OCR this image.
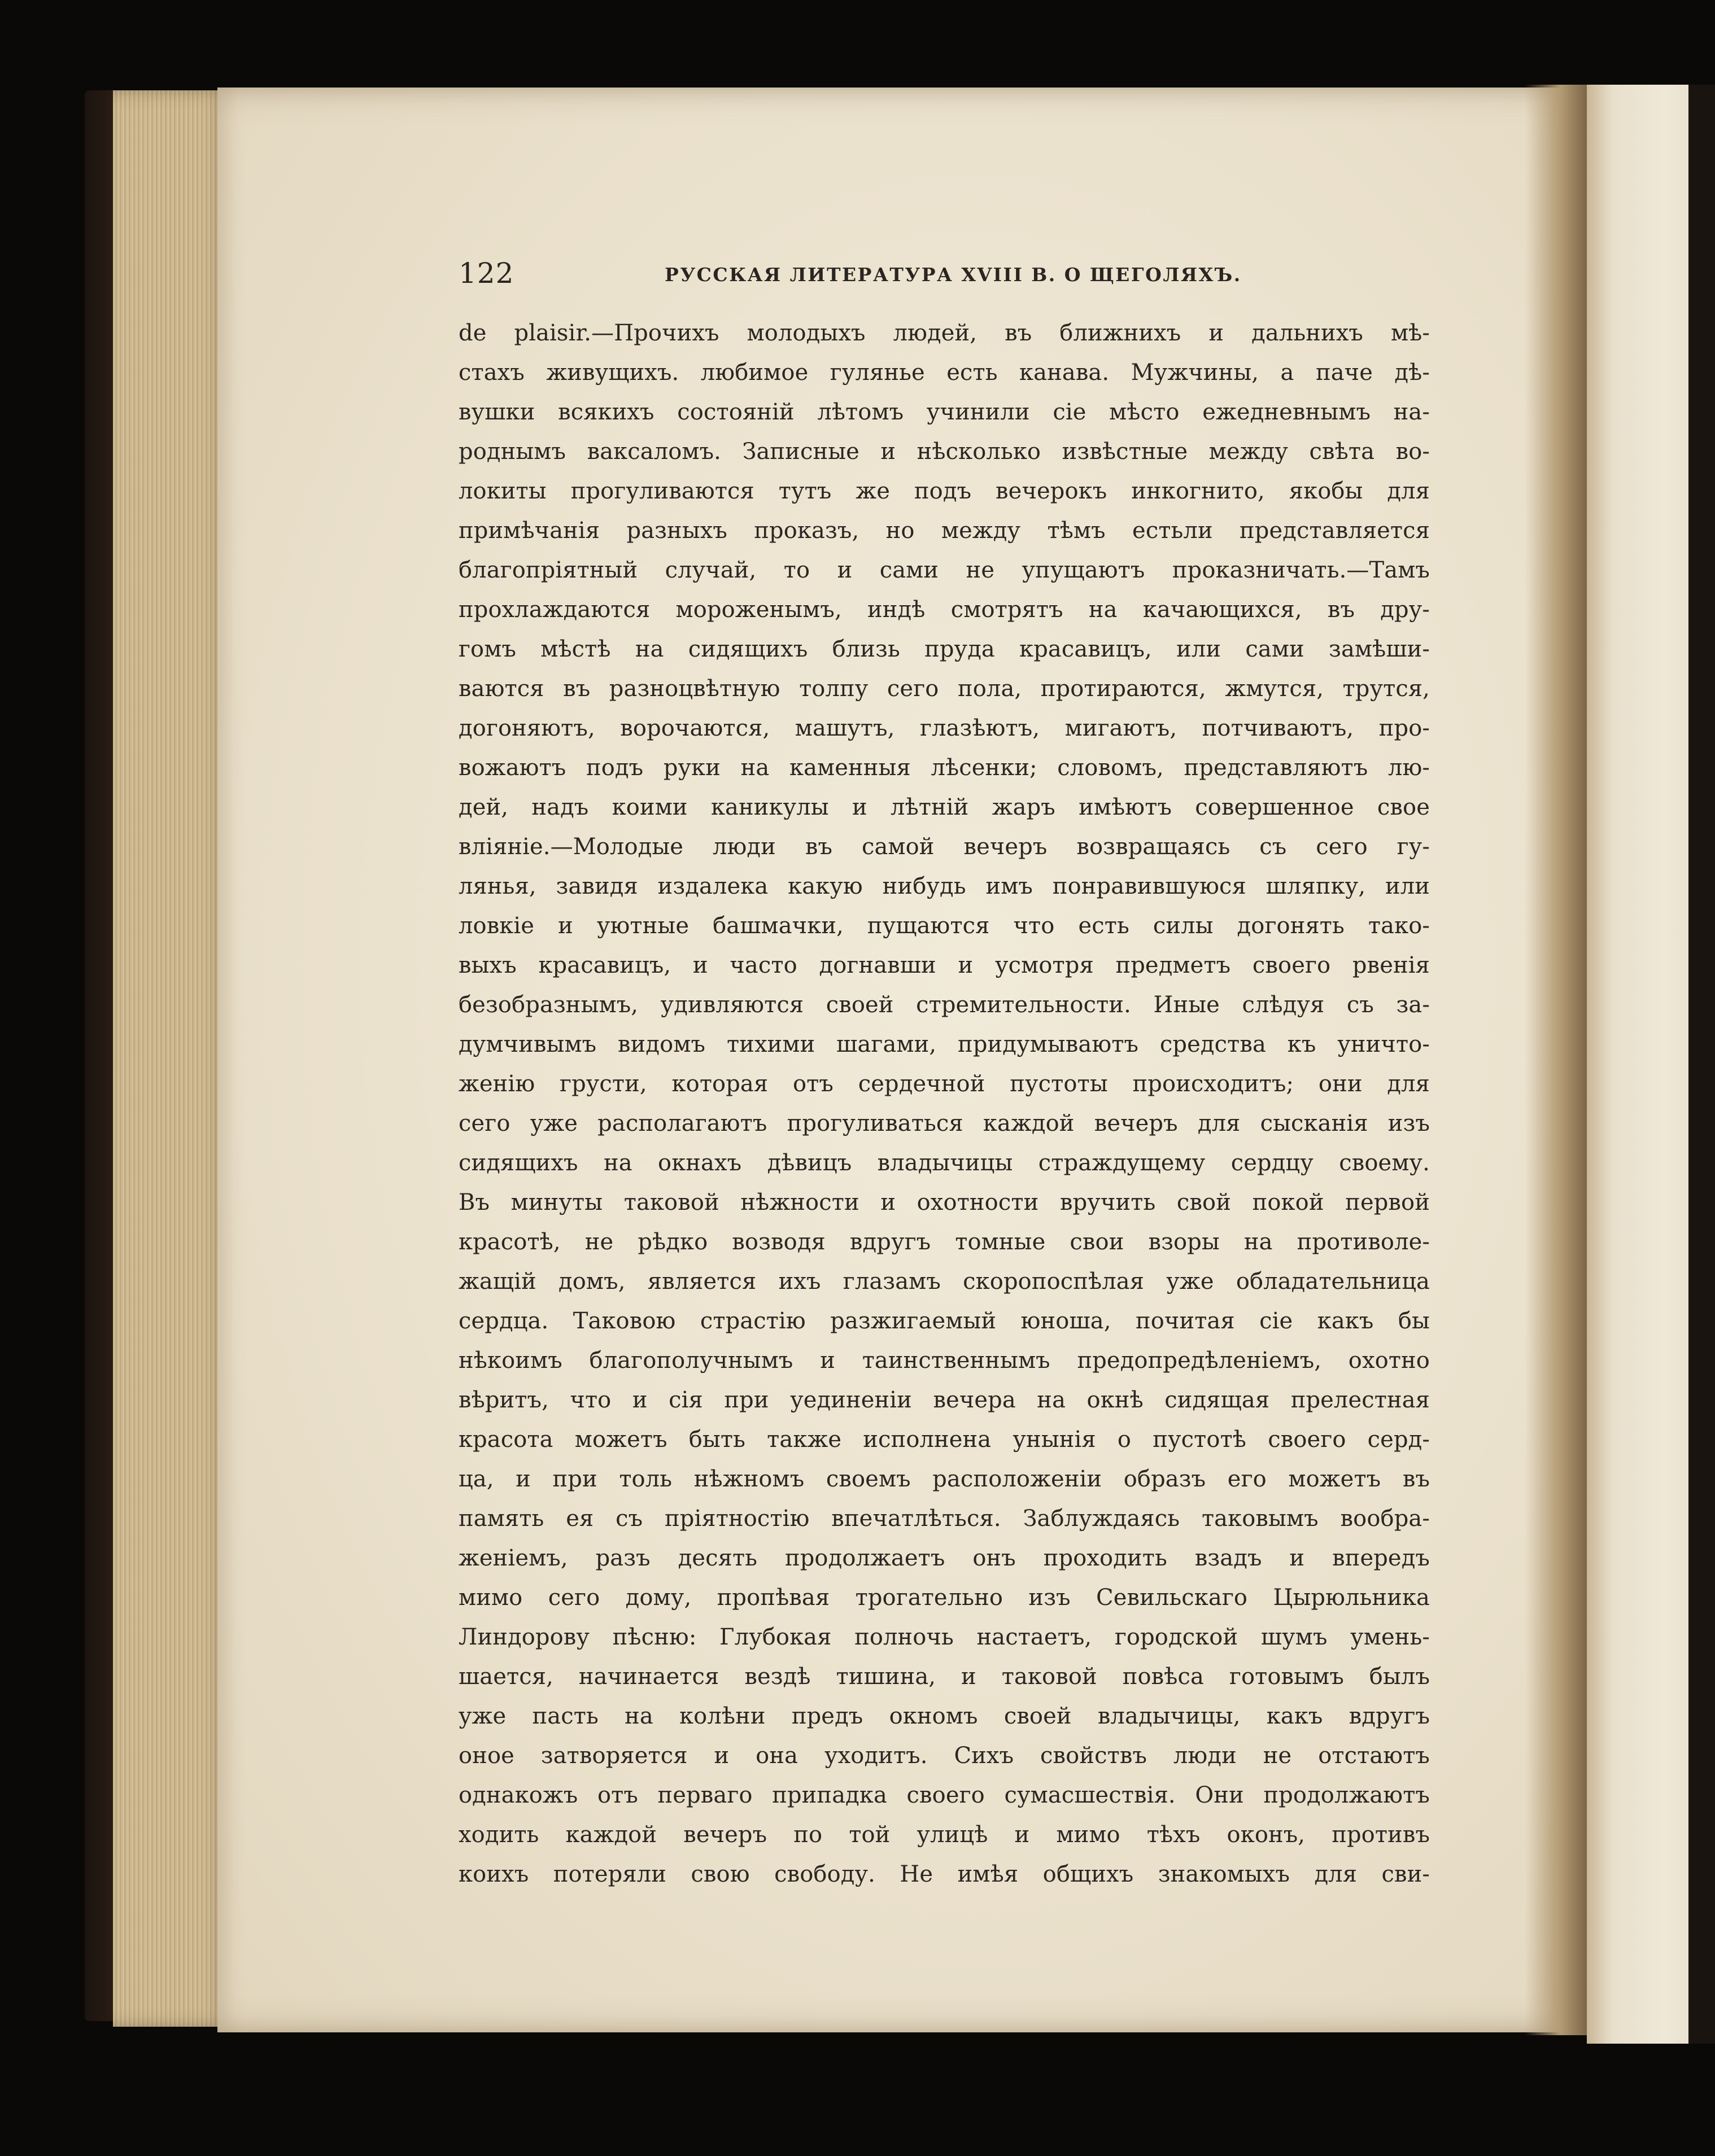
122	РУССКАЯ ЛИТЕРАТУРА XVIII В. О ЩЕГОЛЯХЪ.
de plaisir.—Прочихъ молодыхъ людей, въ ближнихъ и дальнихъ мѣ-
стахъ живущихъ. любимое гулянье есть канава. Мужчины, а паче дѣ-
вушки всякихъ состояній лѣтомъ учинили сіе мѣсто ежедневнымъ на-
роднымъ вaксаломъ. Записные и нѣсколько извѣстные между свѣта во-
локиты прогуливаются тутъ же подъ вечерокъ инкогнито, якобы для
примѣчанія разныхъ проказъ, но между тѣмъ естьли представляется
благопріятный случай, то и сами не упущаютъ проказничать.—Тамъ
прохлаждаются мороженымъ, индѣ смотрятъ на качающихся, въ дру-
гомъ мѣстѣ на сидящихъ близь пруда красавицъ, или сами замѣши-
ваются въ разноцвѣтную толпу сего пола, протираются, жмутся, трутся,
догоняютъ, ворочаются, машутъ, глазѣютъ, мигаютъ, потчиваютъ, про-
вожаютъ подъ руки на каменныя лѣсенки; словомъ, представляютъ лю-
дей, надъ коими каникулы и лѣтній жаръ имѣютъ совершенное свое
вліяніе.—Молодые люди въ самой вечеръ возвращаясь съ сего гу-
лянья, завидя издалека какую нибудь имъ понравившуюся шляпку, или
ловкіе и уютные башмачки, пущаются что есть силы догонять тако-
выхъ красавицъ, и часто догнавши и усмотря предметъ своего рвенія
безобразнымъ, удивляются своей стремительности. Иные слѣдуя съ за-
думчивымъ видомъ тихими шагами, придумываютъ средства къ уничто-
женію грусти, которая отъ сердечной пустоты происходитъ; они для
сего уже располагаютъ прогуливаться каждой вечеръ для сысканія изъ
сидящихъ на окнахъ дѣвицъ владычицы страждущему сердцу своему.
Въ минуты таковой нѣжности и охотности вручить свой покой первой
красотѣ, не рѣдко возводя вдругъ томные свои взоры на противоле-
жащій домъ, является ихъ глазамъ скоропоспѣлая уже обладательница
сердца. Таковою страстію разжигаемый юноша, почитая сіе какъ бы
нѣкоимъ благополучнымъ и таинственнымъ предопредѣленіемъ, охотно
вѣритъ, что и сія при уединеніи вечера на окнѣ сидящая прелестная
красота можетъ быть также исполнена унынія о пустотѣ своего серд-
ца, и при толь нѣжномъ своемъ расположеніи образъ его можетъ въ
память ея съ пріятностію впечатлѣться. Заблуждаясь таковымъ вообра-
женіемъ, разъ десять продолжаетъ онъ проходить взадъ и впередъ
мимо сего дому, пропѣвая трогательно изъ Севильскаго Цырюльника
Линдорову пѣсню: Глубокая полночь настаетъ, городской шумъ умень-
шается, начинается вездѣ тишина, и таковой повѣса готовымъ былъ
уже пасть на колѣни предъ окномъ своей владычицы, какъ вдругъ
оное затворяется и она уходитъ. Сихъ свойствъ люди не отстаютъ
однакожъ отъ перваго припадка своего сумасшествія. Они продолжаютъ
ходить каждой вечеръ по той улицѣ и мимо тѣхъ оконъ, противъ
коихъ потеряли свою свободу. Не имѣя общихъ знакомыхъ для сви-
